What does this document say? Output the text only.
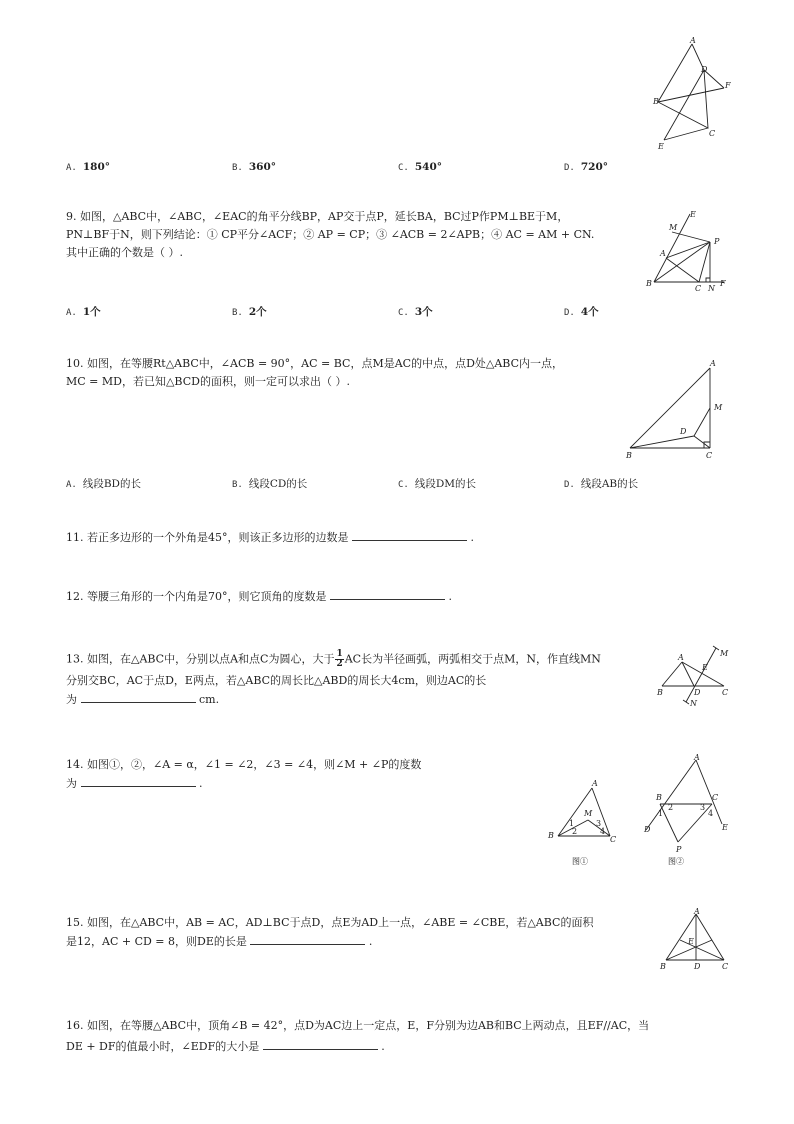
A
D
F
B
C
E
A. 180°	B. 360°	C. 540°	D. 720°
9. 如图，△ABC中，∠ABC，∠EAC的角平分线BP，AP交于点P，延长BA，BC过P作PM⊥BE于M，
PN⊥BF于N，则下列结论：① CP平分∠ACF；② AP = CP；③ ∠ACB = 2∠APB；④ AC = AM + CN.
其中正确的个数是（ ）.
M
E
A
P
B
C N
F
A. 1个	B. 2个	C. 3个	D. 4个
10. 如图，在等腰Rt△ABC中，∠ACB = 90°，AC = BC，点M是AC的中点，点D处△ABC内一点，
MC = MD，若已知△BCD的面积，则一定可以求出（ ）.
A
M
D
B	C
A. 线段BD的长	B. 线段CD的长	C. 线段DM的长	D. 线段AB的长
11. 若正多边形的一个外角是45°，则该正多边形的边数是	.
12. 等腰三角形的一个内角是70°，则它顶角的度数是	.
13. 如图，在△ABC中，分别以点A和点C为圆心，大于 $\frac{1}{2}$ AC长为半径画弧，两弧相交于点M，N，作直线MN
分别交BC，AC于点D，E两点，若△ABC的周长比△ABD的周长大4cm，则边AC的长
为	cm.
M
A
E
B	D	C
N
14. 如图①，②，∠A = α，∠1 = ∠2，∠3 = ∠4，则∠M + ∠P的度数
为	.	A
M
1	3
2	4
B	C
图①
A
B	C
2	3
1	4
D	E
P
图②
15. 如图，在△ABC中，AB = AC，AD⊥BC于点D，点E为AD上一点，∠ABE = ∠CBE，若△ABC的面积
是12，AC + CD = 8，则DE的长是	.
A
E
B	D	C
16. 如图，在等腰△ABC中，顶角∠B = 42°，点D为AC边上一定点，E，F分别为边AB和BC上两动点，且EF//AC，当
DE + DF的值最小时，∠EDF的大小是	.
